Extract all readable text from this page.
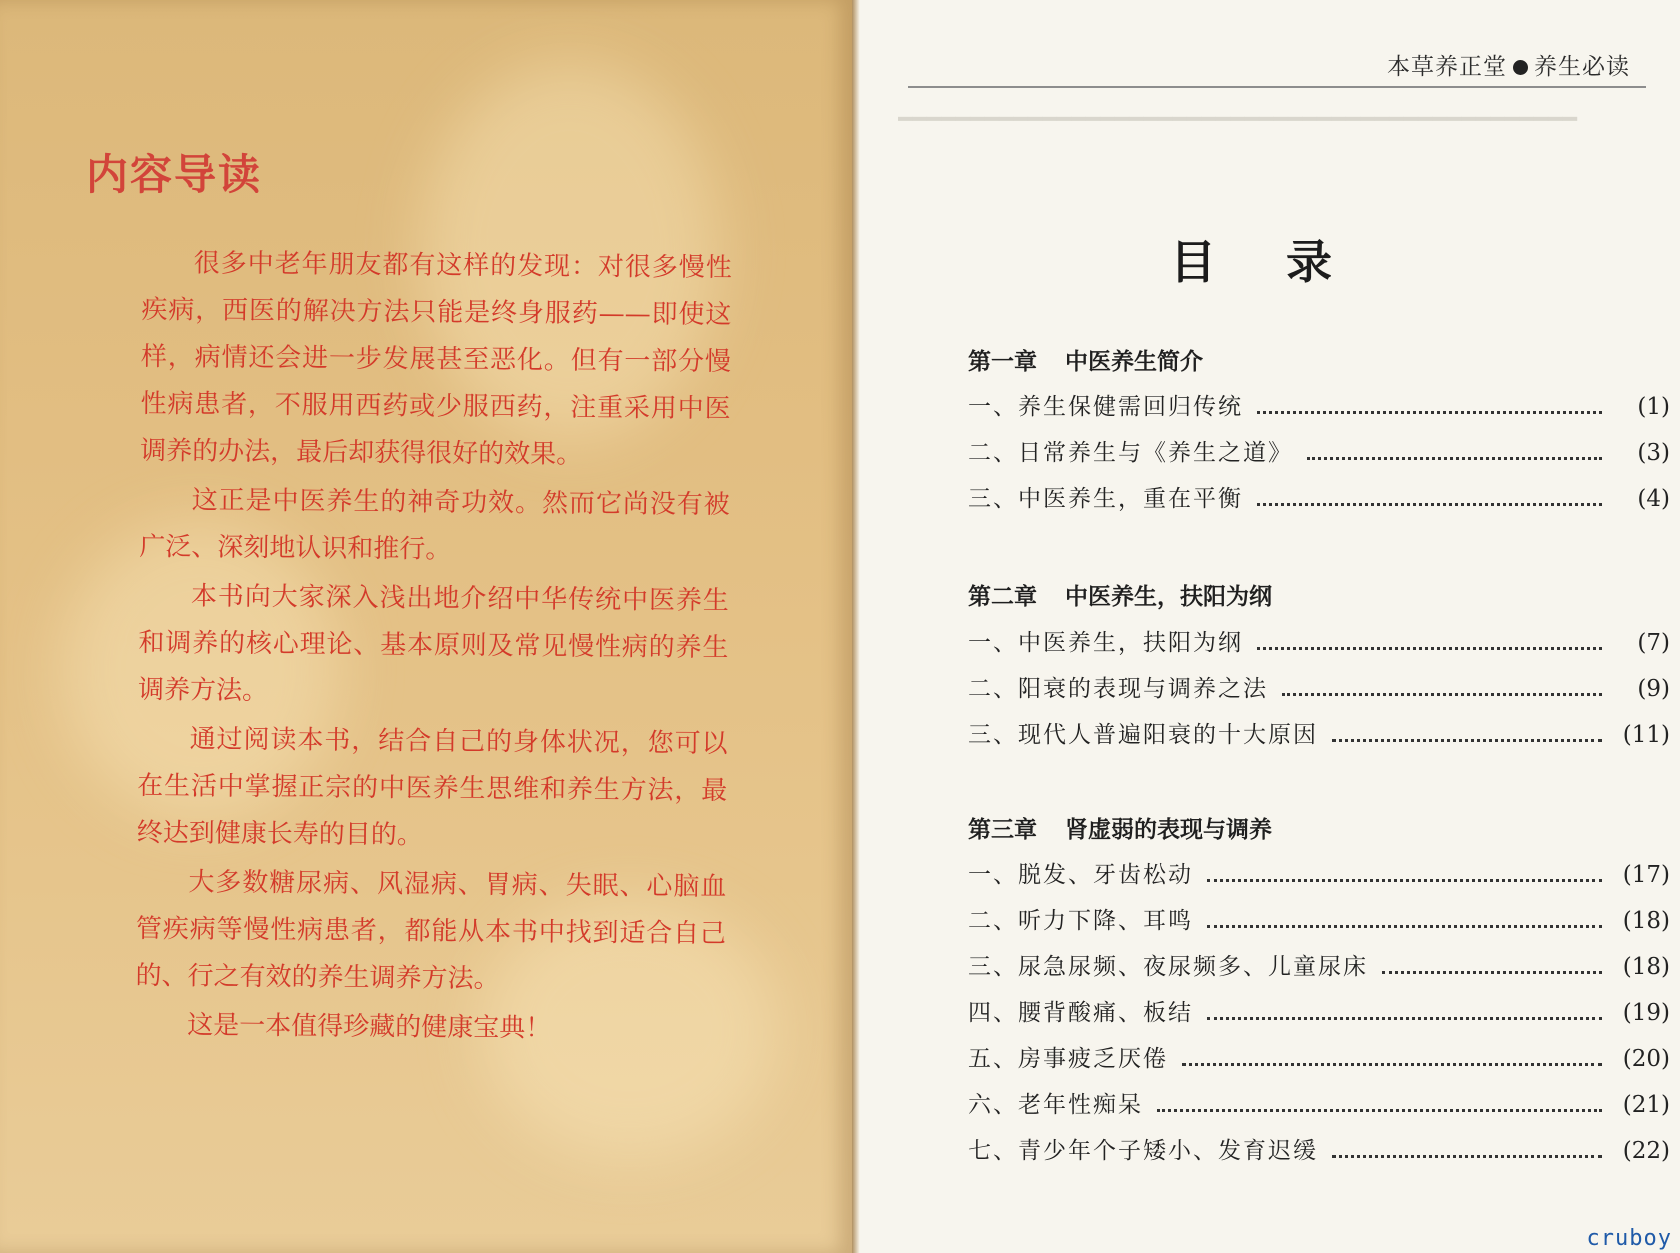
内容导读

很多中老年朋友都有这样的发现：对很多慢性疾病，西医的解决方法只能是终身服药——即使这样，病情还会进一步发展甚至恶化。但有一部分慢性病患者，不服用西药或少服西药，注重采用中医调养的办法，最后却获得很好的效果。

这正是中医养生的神奇功效。然而它尚没有被广泛、深刻地认识和推行。

本书向大家深入浅出地介绍中华传统中医养生和调养的核心理论、基本原则及常见慢性病的养生调养方法。

通过阅读本书，结合自己的身体状况，您可以在生活中掌握正宗的中医养生思维和养生方法，最终达到健康长寿的目的。

大多数糖尿病、风湿病、胃病、失眠、心脑血管疾病等慢性病患者，都能从本书中找到适合自己的、行之有效的养生调养方法。

这是一本值得珍藏的健康宝典！

本草养正堂 养生必读
━━━━━━━━━━━━━━━━━━━━━━━━━━━━━━━━━━━━━━━━━━━━━━━
目录
第一章 中医养生简介
一、养生保健需回归传统	(1)
二、日常养生与《养生之道》	(3)
三、中医养生，重在平衡	(4)
第二章 中医养生，扶阳为纲
一、中医养生，扶阳为纲	(7)
二、阳衰的表现与调养之法	(9)
三、现代人普遍阳衰的十大原因	(11)
第三章 肾虚弱的表现与调养
一、脱发、牙齿松动	(17)
二、听力下降、耳鸣	(18)
三、尿急尿频、夜尿频多、儿童尿床	(18)
四、腰背酸痛、板结	(19)
五、房事疲乏厌倦	(20)
六、老年性痴呆	(21)
七、青少年个子矮小、发育迟缓	(22)
cruboy
